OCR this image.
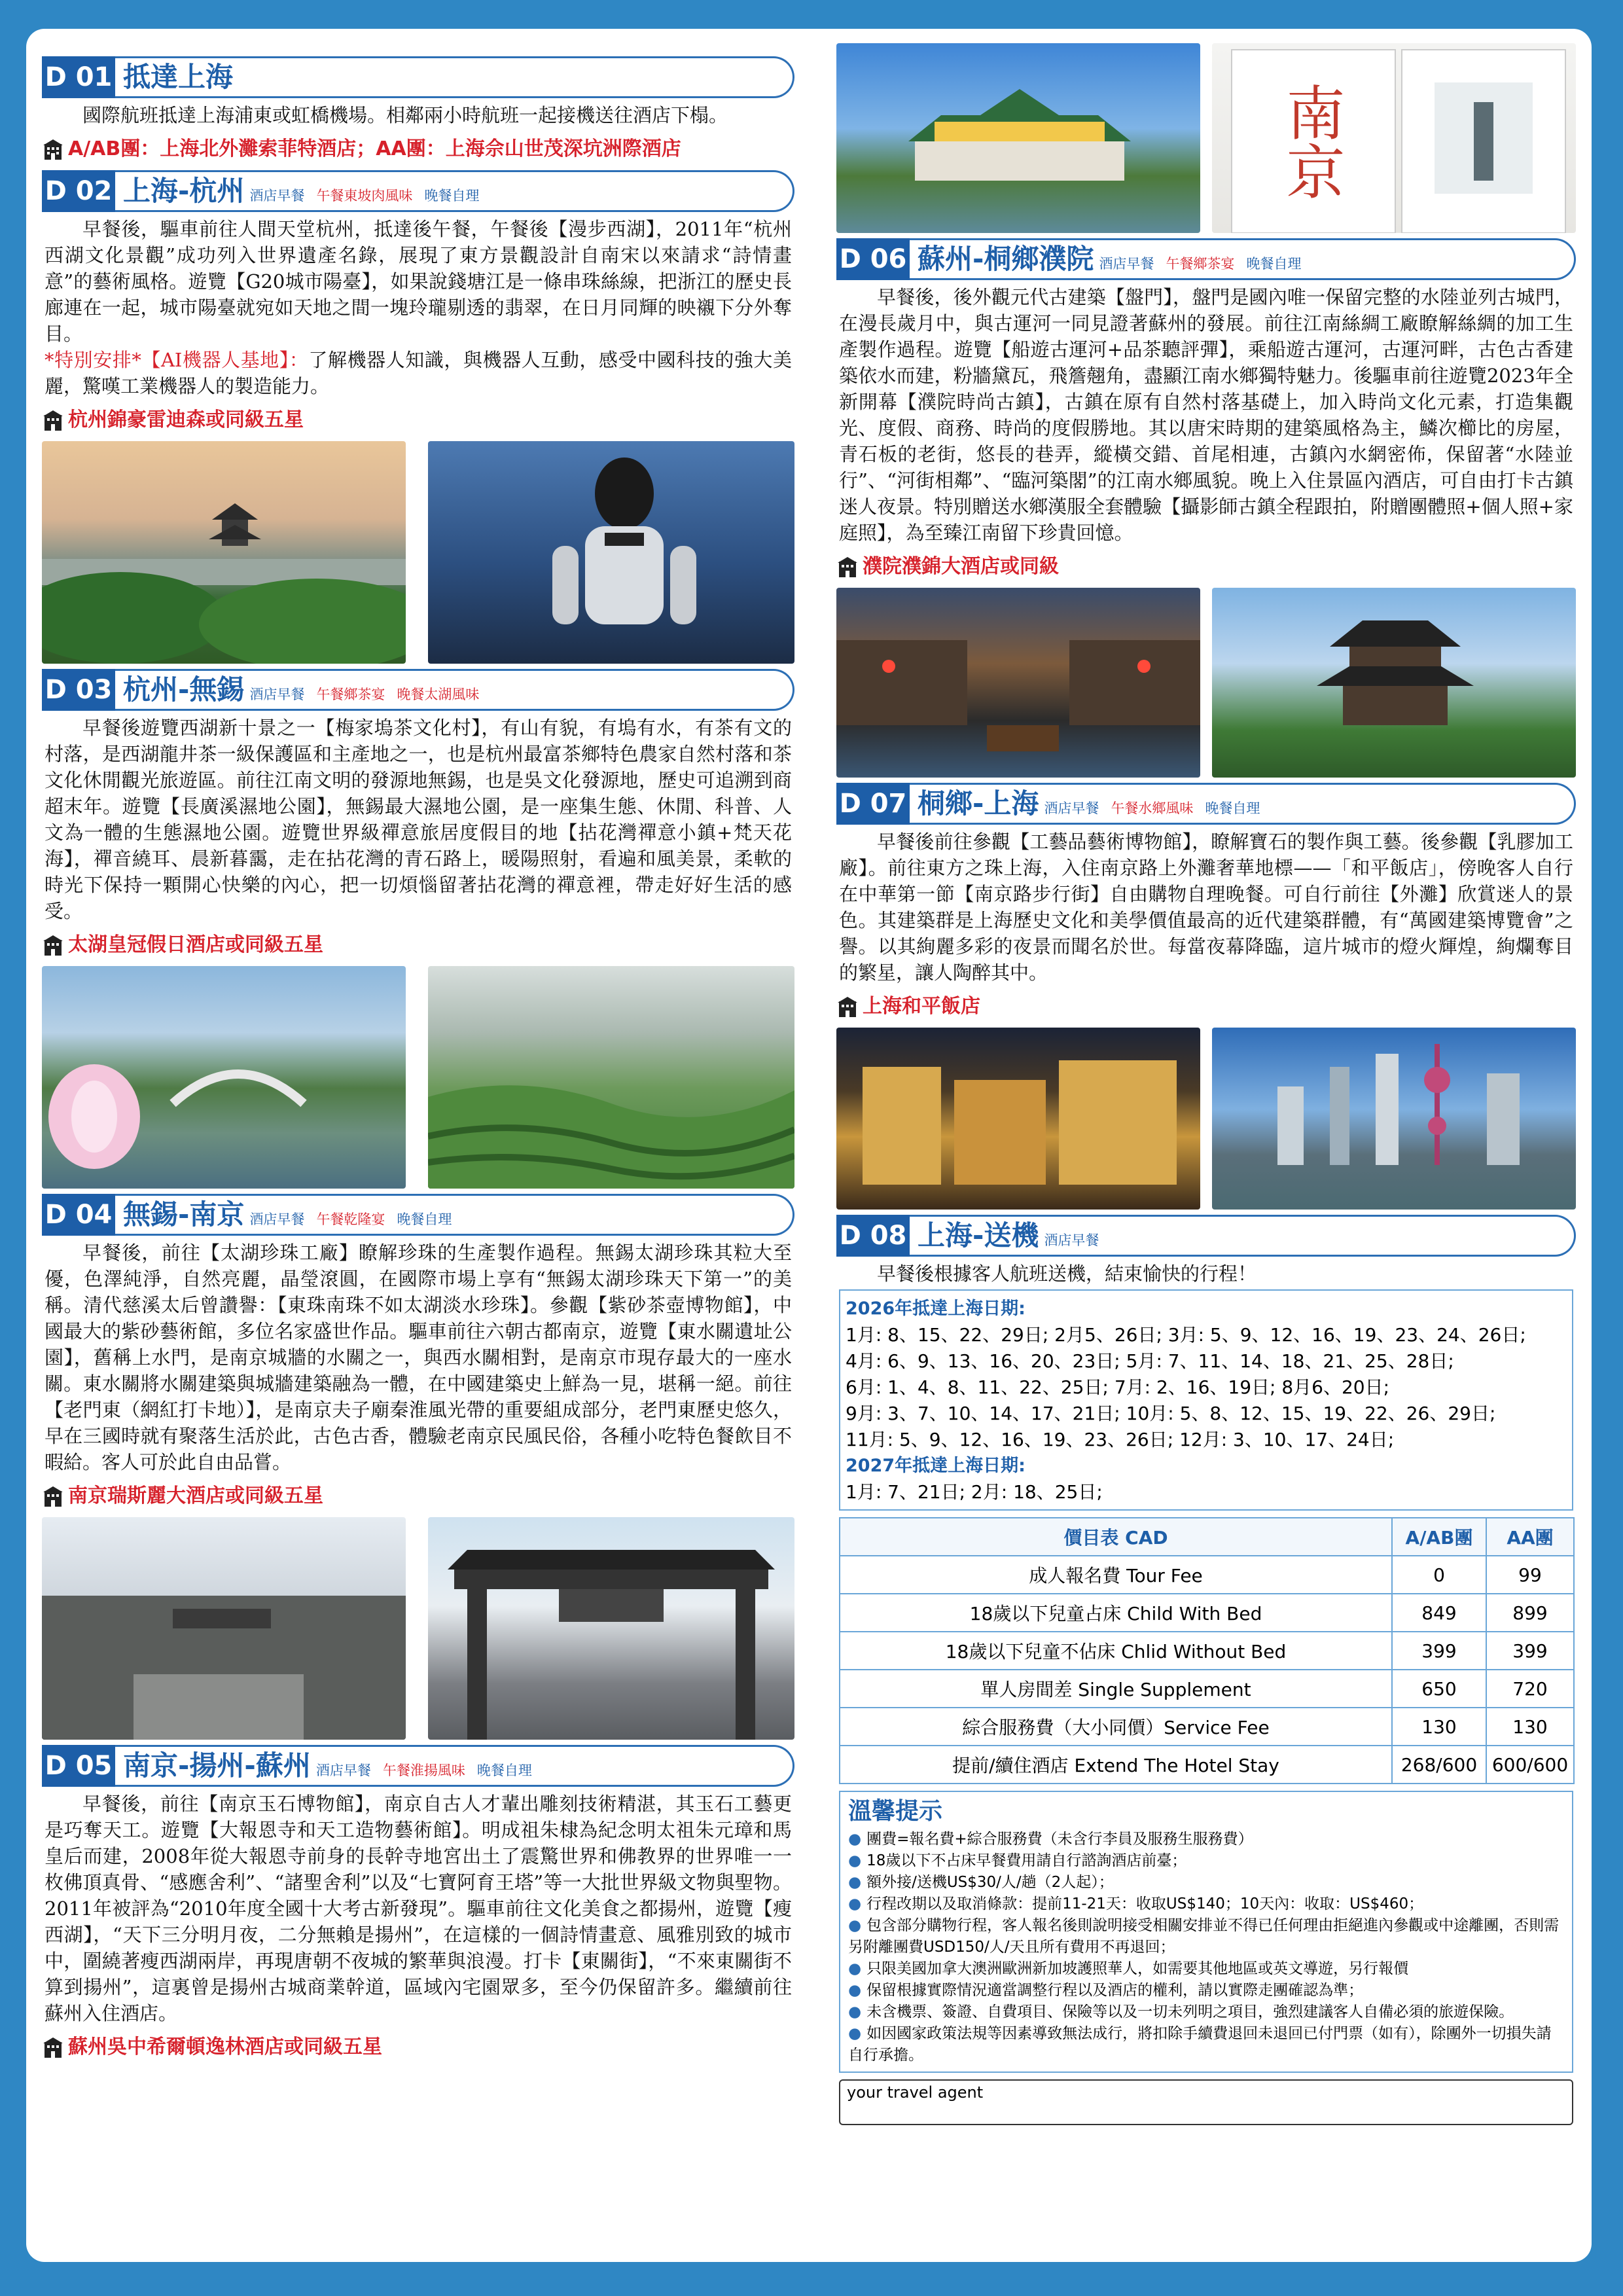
D 01 抵達上海
國際航班抵達上海浦東或虹橋機場。相鄰兩小時航班一起接機送往酒店下榻。
A/AB團：上海北外灘索菲特酒店；AA團：上海佘山世茂深坑洲際酒店
D 02 上海-杭州 酒店早餐 午餐東坡肉風味 晚餐自理
早餐後，驅車前往人間天堂杭州，抵達後午餐，午餐後【漫步西湖】，2011年“杭州西湖文化景觀”成功列入世界遺產名錄，展現了東方景觀設計自南宋以來請求“詩情畫意”的藝術風格。遊覽【G20城市陽臺】，如果說錢塘江是一條串珠絲線，把浙江的歷史長廊連在一起，城市陽臺就宛如天地之間一塊玲瓏剔透的翡翠，在日月同輝的映襯下分外奪目。
*特別安排*【AI機器人基地】：了解機器人知識，與機器人互動，感受中國科技的強大美麗，驚嘆工業機器人的製造能力。
杭州錦豪雷迪森或同級五星
D 03 杭州-無錫 酒店早餐 午餐鄉茶宴 晚餐太湖風味
早餐後遊覽西湖新十景之一【梅家塢茶文化村】，有山有貌，有塢有水，有茶有文的村落，是西湖龍井茶一級保護區和主產地之一，也是杭州最富茶鄉特色農家自然村落和茶文化休閒觀光旅遊區。前往江南文明的發源地無錫，也是吳文化發源地，歷史可追溯到商超末年。遊覽【長廣溪濕地公園】，無錫最大濕地公園，是一座集生態、休閒、科普、人文為一體的生態濕地公園。遊覽世界級禪意旅居度假目的地【拈花灣禪意小鎮+梵天花海】，禪音繞耳、晨新暮靄，走在拈花灣的青石路上，暖陽照射，看遍和風美景，柔軟的時光下保持一顆開心快樂的內心，把一切煩惱留著拈花灣的禪意裡，帶走好好生活的感受。
太湖皇冠假日酒店或同級五星
D 04 無錫-南京 酒店早餐 午餐乾隆宴 晚餐自理
早餐後，前往【太湖珍珠工廠】瞭解珍珠的生產製作過程。無錫太湖珍珠其粒大至優，色澤純淨，自然亮麗，晶瑩滾圓，在國際市場上享有“無錫太湖珍珠天下第一”的美稱。清代慈溪太后曾讚譽：【東珠南珠不如太湖淡水珍珠】。參觀【紫砂茶壺博物館】，中國最大的紫砂藝術館，多位名家盛世作品。驅車前往六朝古都南京，遊覽【東水關遺址公園】，舊稱上水門，是南京城牆的水關之一，與西水關相對，是南京市現存最大的一座水關。東水關將水關建築與城牆建築融為一體，在中國建築史上鮮為一見，堪稱一絕。前往【老門東（網紅打卡地）】，是南京夫子廟秦淮風光帶的重要組成部分，老門東歷史悠久，早在三國時就有聚落生活於此，古色古香，體驗老南京民風民俗，各種小吃特色餐飲目不暇給。客人可於此自由品嘗。
南京瑞斯麗大酒店或同級五星
D 05 南京-揚州-蘇州 酒店早餐 午餐淮揚風味 晚餐自理
早餐後，前往【南京玉石博物館】，南京自古人才輩出雕刻技術精湛，其玉石工藝更是巧奪天工。遊覽【大報恩寺和天工造物藝術館】。明成祖朱棣為紀念明太祖朱元璋和馬皇后而建，2008年從大報恩寺前身的長幹寺地宮出土了震驚世界和佛教界的世界唯一一枚佛頂真骨、“感應舍利”、“諸聖舍利”以及“七寶阿育王塔”等一大批世界級文物與聖物。2011年被評為“2010年度全國十大考古新發現”。驅車前往文化美食之都揚州，遊覽【瘦西湖】，“天下三分明月夜，二分無賴是揚州”，在這樣的一個詩情畫意、風雅別致的城市中，圍繞著瘦西湖兩岸，再現唐朝不夜城的繁華與浪漫。打卡【東關街】，“不來東關街不算到揚州”，這裏曾是揚州古城商業幹道，區域內宅園眾多，至今仍保留許多。繼續前往蘇州入住酒店。
蘇州吳中希爾頓逸林酒店或同級五星
南京
D 06 蘇州-桐鄉濮院 酒店早餐 午餐鄉茶宴 晚餐自理
早餐後，後外觀元代古建築【盤門】，盤門是國內唯一保留完整的水陸並列古城門，在漫長歲月中，與古運河一同見證著蘇州的發展。前往江南絲綢工廠瞭解絲綢的加工生產製作過程。遊覽【船遊古運河+品茶聽評彈】，乘船遊古運河，古運河畔，古色古香建築依水而建，粉牆黛瓦，飛簷翹角，盡顯江南水鄉獨特魅力。後驅車前往遊覽2023年全新開幕【濮院時尚古鎮】，古鎮在原有自然村落基礎上，加入時尚文化元素，打造集觀光、度假、商務、時尚的度假勝地。其以唐宋時期的建築風格為主，鱗次櫛比的房屋，青石板的老街，悠長的巷弄，縱橫交錯、首尾相連，古鎮內水網密佈，保留著“水陸並行”、“河街相鄰”、“臨河築閣”的江南水鄉風貌。晚上入住景區內酒店，可自由打卡古鎮迷人夜景。特別贈送水鄉漢服全套體驗【攝影師古鎮全程跟拍，附贈團體照+個人照+家庭照】，為至臻江南留下珍貴回憶。
濮院濮錦大酒店或同級
D 07 桐鄉-上海 酒店早餐 午餐水鄉風味 晚餐自理
早餐後前往參觀【工藝品藝術博物館】，瞭解寶石的製作與工藝。後參觀【乳膠加工廠】。前往東方之珠上海，入住南京路上外灘奢華地標——「和平飯店」，傍晚客人自行在中華第一節【南京路步行街】自由購物自理晚餐。可自行前往【外灘】欣賞迷人的景色。其建築群是上海歷史文化和美學價值最高的近代建築群體，有“萬國建築博覽會”之譽。以其絢麗多彩的夜景而聞名於世。每當夜幕降臨，這片城市的燈火輝煌，絢爛奪目的繁星，讓人陶醉其中。
上海和平飯店
D 08 上海-送機 酒店早餐
早餐後根據客人航班送機，結束愉快的行程！
2026年抵達上海日期:
1月: 8、15、22、29日; 2月5、26日; 3月: 5、9、12、16、19、23、24、26日;
4月: 6、9、13、16、20、23日; 5月: 7、11、14、18、21、25、28日;
6月: 1、4、8、11、22、25日; 7月: 2、16、19日; 8月6、20日;
9月: 3、7、10、14、17、21日; 10月: 5、8、12、15、19、22、26、29日;
11月: 5、9、12、16、19、23、26日; 12月: 3、10、17、24日;
2027年抵達上海日期:
1月: 7、21日; 2月: 18、25日;
價目表 CAD	A/AB團	AA團
成人報名費 Tour Fee	0	99
18歲以下兒童占床 Child With Bed	849	899
18歲以下兒童不佔床 Chlid Without Bed	399	399
單人房間差 Single Supplement	650	720
綜合服務費（大小同價）Service Fee	130	130
提前/續住酒店 Extend The Hotel Stay	268/600	600/600
溫馨提示
● 團費=報名費+綜合服務費（未含行李員及服務生服務費）
● 18歲以下不占床早餐費用請自行諮詢酒店前臺；
● 額外接/送機US$30/人/趟（2人起）；
● 行程改期以及取消條款：提前11-21天：收取US$140；10天內：收取：US$460；
● 包含部分購物行程，客人報名後則說明接受相關安排並不得已任何理由拒絕進內參觀或中途離團，否則需另附離團費USD150/人/天且所有費用不再退回；
● 只限美國加拿大澳洲歐洲新加坡護照華人，如需要其他地區或英文導遊，另行報價
● 保留根據實際情況適當調整行程以及酒店的權利，請以實際走團確認為準；
● 未含機票、簽證、自費項目、保險等以及一切未列明之項目，強烈建議客人自備必須的旅遊保險。
● 如因國家政策法規等因素導致無法成行，將扣除手續費退回未退回已付門票（如有），除團外一切損失請自行承擔。
your travel agent
